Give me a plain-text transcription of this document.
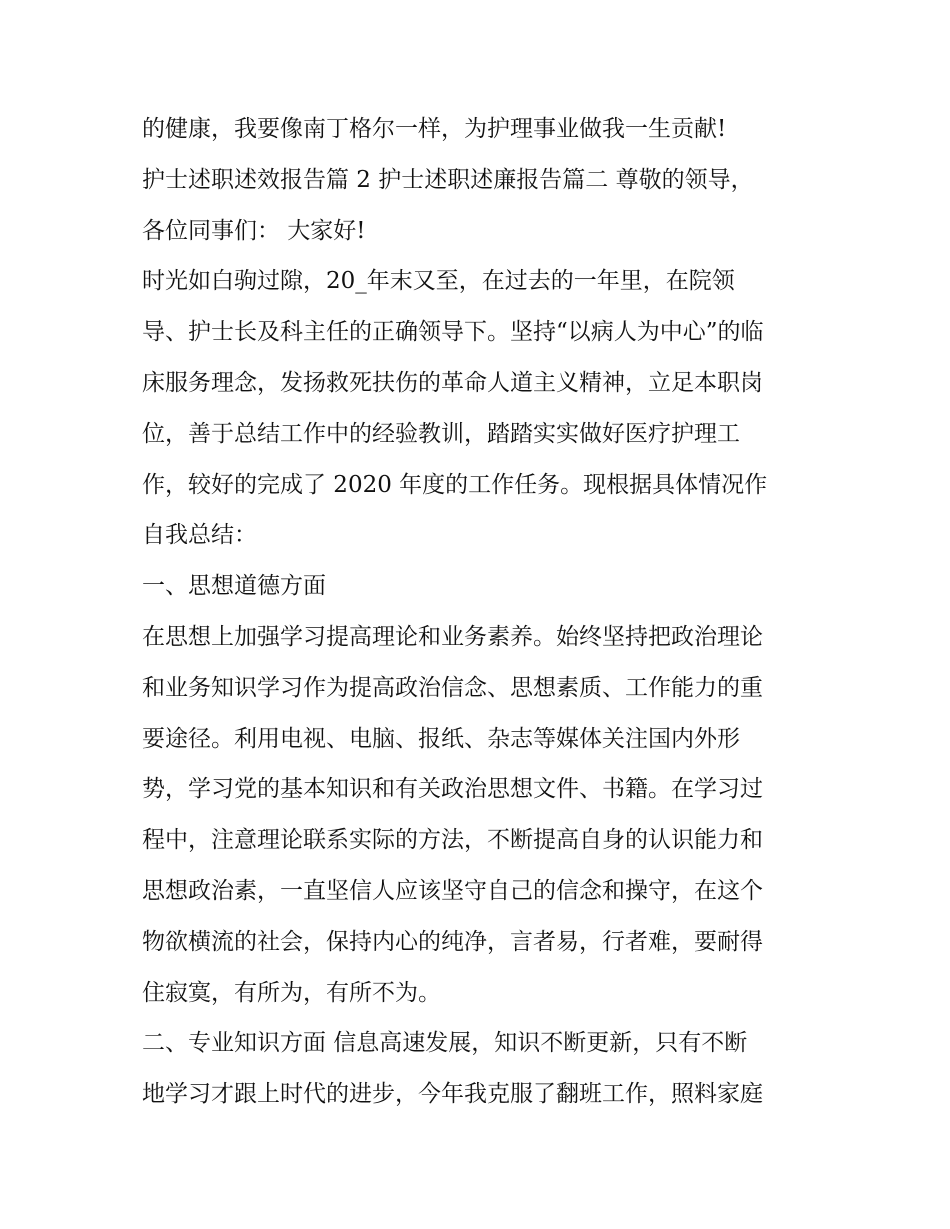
的健康，我要像南丁格尔一样，为护理事业做我一生贡献!
护士述职述效报告篇 2 护士述职述廉报告篇二 尊敬的领导，
各位同事们： 大家好!
时光如白驹过隙，20_年末又至，在过去的一年里，在院领
导、护士长及科主任的正确领导下。坚持“以病人为中心”的临
床服务理念，发扬救死扶伤的革命人道主义精神，立足本职岗
位，善于总结工作中的经验教训，踏踏实实做好医疗护理工
作，较好的完成了 2020 年度的工作任务。现根据具体情况作
自我总结：
一、思想道德方面
在思想上加强学习提高理论和业务素养。始终坚持把政治理论
和业务知识学习作为提高政治信念、思想素质、工作能力的重
要途径。利用电视、电脑、报纸、杂志等媒体关注国内外形
势，学习党的基本知识和有关政治思想文件、书籍。在学习过
程中，注意理论联系实际的方法，不断提高自身的认识能力和
思想政治素，一直坚信人应该坚守自己的信念和操守，在这个
物欲横流的社会，保持内心的纯净，言者易，行者难，要耐得
住寂寞，有所为，有所不为。
二、专业知识方面 信息高速发展，知识不断更新，只有不断
地学习才跟上时代的进步，今年我克服了翻班工作，照料家庭
